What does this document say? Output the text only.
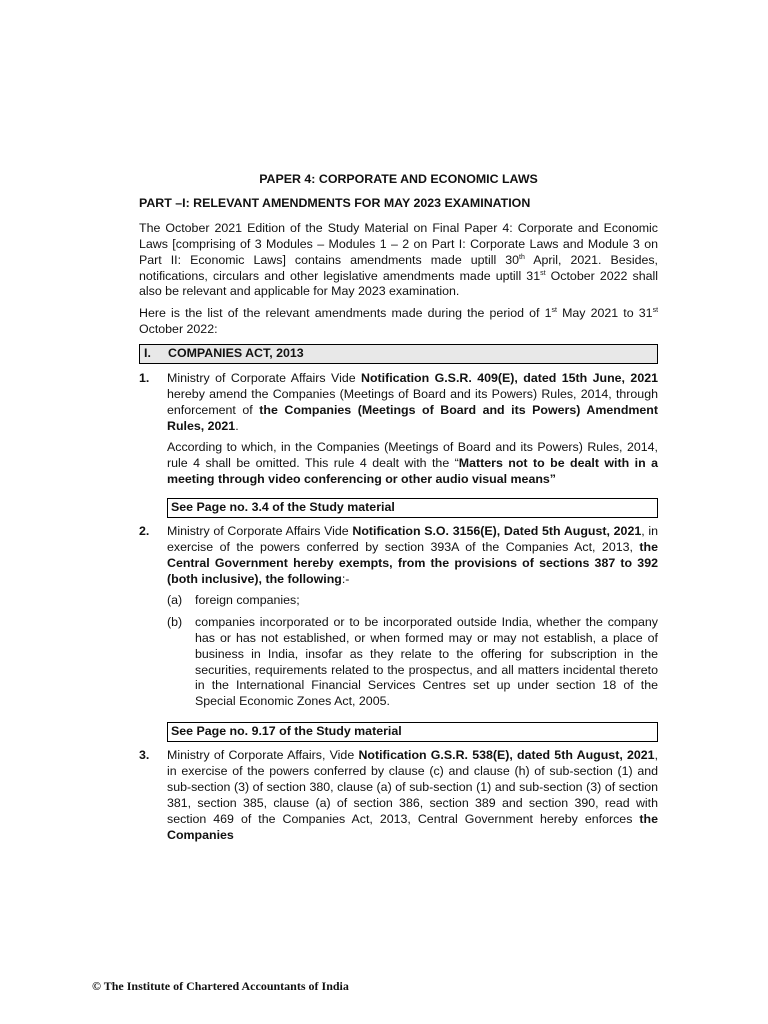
PAPER 4: CORPORATE AND ECONOMIC LAWS

PART –I: RELEVANT AMENDMENTS FOR MAY 2023 EXAMINATION

The October 2021 Edition of the Study Material on Final Paper 4: Corporate and Economic Laws [comprising of 3 Modules – Modules 1 – 2 on Part I: Corporate Laws and Module 3 on Part II: Economic Laws] contains amendments made uptill 30th April, 2021. Besides, notifications, circulars and other legislative amendments made uptill 31st October 2022 shall also be relevant and applicable for May 2023 examination.

Here is the list of the relevant amendments made during the period of 1st May 2021 to 31st October 2022:

I.	COMPANIES ACT, 2013
1.	Ministry of Corporate Affairs Vide Notification G.S.R. 409(E), dated 15th June, 2021 hereby amend the Companies (Meetings of Board and its Powers) Rules, 2014, through enforcement of the Companies (Meetings of Board and its Powers) Amendment Rules, 2021.

According to which, in the Companies (Meetings of Board and its Powers) Rules, 2014, rule 4 shall be omitted. This rule 4 dealt with the “Matters not to be dealt with in a meeting through video conferencing or other audio visual means”

See Page no. 3.4 of the Study material
2.	Ministry of Corporate Affairs Vide Notification S.O. 3156(E), Dated 5th August, 2021, in exercise of the powers conferred by section 393A of the Companies Act, 2013, the Central Government hereby exempts, from the provisions of sections 387 to 392 (both inclusive), the following:-

(a)	foreign companies;
(b)	companies incorporated or to be incorporated outside India, whether the company has or has not established, or when formed may or may not establish, a place of business in India, insofar as they relate to the offering for subscription in the securities, requirements related to the prospectus, and all matters incidental thereto in the International Financial Services Centres set up under section 18 of the Special Economic Zones Act, 2005.
See Page no. 9.17 of the Study material
3.	Ministry of Corporate Affairs, Vide Notification G.S.R. 538(E), dated 5th August, 2021, in exercise of the powers conferred by clause (c) and clause (h) of sub-section (1) and sub-section (3) of section 380, clause (a) of sub-section (1) and sub-section (3) of section 381, section 385, clause (a) of section 386, section 389 and section 390, read with section 469 of the Companies Act, 2013, Central Government hereby enforces the Companies

© The Institute of Chartered Accountants of India
